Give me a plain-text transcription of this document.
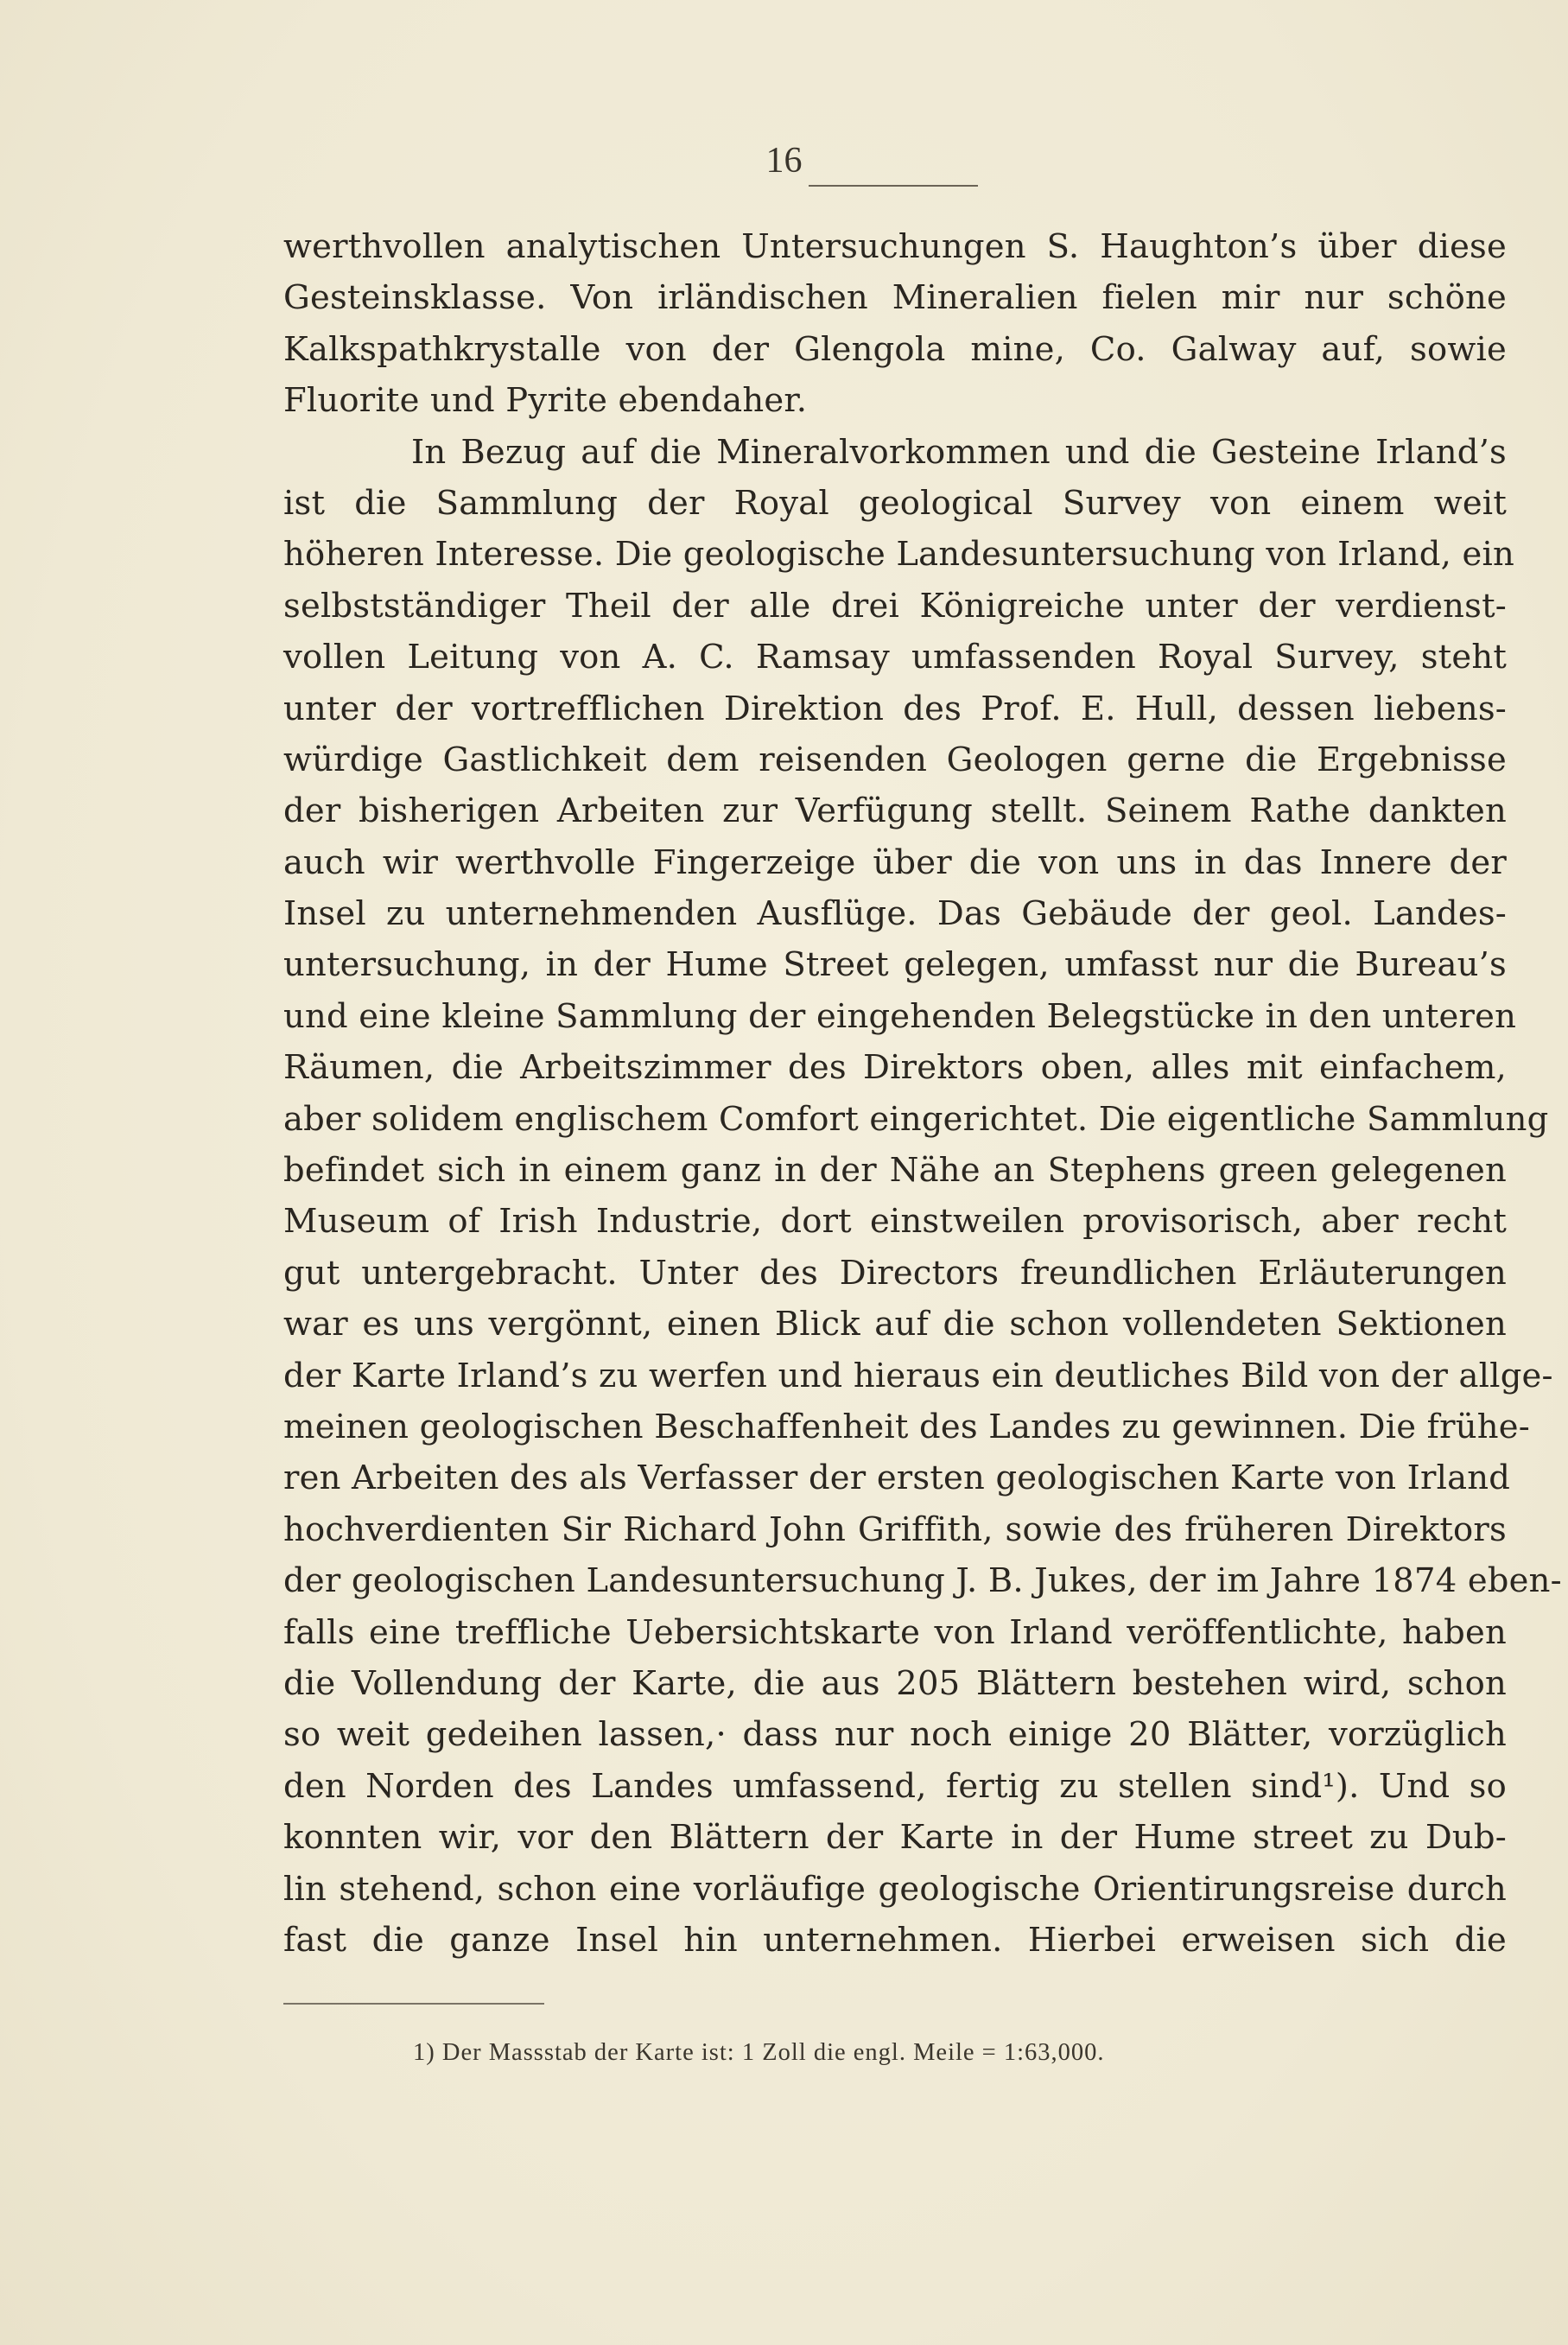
16
werthvollen analytischen Untersuchungen S. Haughton’s über diese
Gesteinsklasse. Von irländischen Mineralien fielen mir nur schöne
Kalkspathkrystalle von der Glengola mine, Co. Galway auf, sowie
Fluorite und Pyrite ebendaher.
In Bezug auf die Mineralvorkommen und die Gesteine Irland’s
ist die Sammlung der Royal geological Survey von einem weit
höheren Interesse. Die geologische Landesuntersuchung von Irland, ein
selbstständiger Theil der alle drei Königreiche unter der verdienst-
vollen Leitung von A. C. Ramsay umfassenden Royal Survey, steht
unter der vortrefflichen Direktion des Prof. E. Hull, dessen liebens-
würdige Gastlichkeit dem reisenden Geologen gerne die Ergebnisse
der bisherigen Arbeiten zur Verfügung stellt. Seinem Rathe dankten
auch wir werthvolle Fingerzeige über die von uns in das Innere der
Insel zu unternehmenden Ausflüge. Das Gebäude der geol. Landes-
untersuchung, in der Hume Street gelegen, umfasst nur die Bureau’s
und eine kleine Sammlung der eingehenden Belegstücke in den unteren
Räumen, die Arbeitszimmer des Direktors oben, alles mit einfachem,
aber solidem englischem Comfort eingerichtet. Die eigentliche Sammlung
befindet sich in einem ganz in der Nähe an Stephens green gelegenen
Museum of Irish Industrie, dort einstweilen provisorisch, aber recht
gut untergebracht. Unter des Directors freundlichen Erläuterungen
war es uns vergönnt, einen Blick auf die schon vollendeten Sektionen
der Karte Irland’s zu werfen und hieraus ein deutliches Bild von der allge-
meinen geologischen Beschaffenheit des Landes zu gewinnen. Die frühe-
ren Arbeiten des als Verfasser der ersten geologischen Karte von Irland
hochverdienten Sir Richard John Griffith, sowie des früheren Direktors
der geologischen Landesuntersuchung J. B. Jukes, der im Jahre 1874 eben-
falls eine treffliche Uebersichtskarte von Irland veröffentlichte, haben
die Vollendung der Karte, die aus 205 Blättern bestehen wird, schon
so weit gedeihen lassen,· dass nur noch einige 20 Blätter, vorzüglich
den Norden des Landes umfassend, fertig zu stellen sind¹). Und so
konnten wir, vor den Blättern der Karte in der Hume street zu Dub-
lin stehend, schon eine vorläufige geologische Orientirungsreise durch
fast die ganze Insel hin unternehmen. Hierbei erweisen sich die
1) Der Massstab der Karte ist: 1 Zoll die engl. Meile = 1:63,000.
